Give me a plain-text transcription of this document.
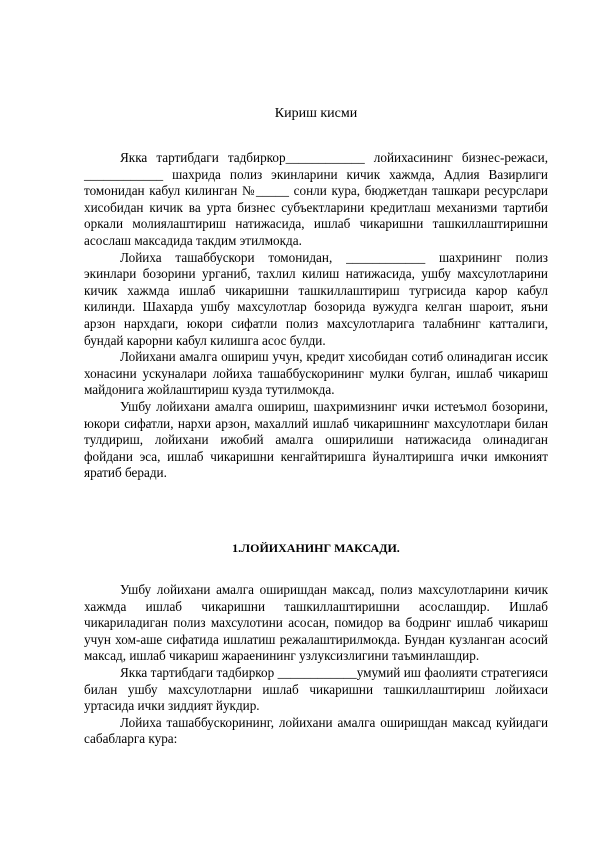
Кириш кисми

Якка тартибдаги тадбиркор____________ лойихасининг бизнес-режаси, ____________ шахрида полиз экинларини кичик хажмда, Адлия Вазирлиги томонидан кабул килинган №_____ сонли кура, бюджетдан ташкари ресурслари хисобидан кичик ва урта бизнес субъектларини кредитлаш механизми тартиби оркали молиялаштириш натижасида, ишлаб чикаришни ташкиллаштиришни асослаш максадида такдим этилмокда.

Лойиха ташаббускори томонидан, ____________ шахрининг полиз экинлари бозорини урганиб, тахлил килиш натижасида, ушбу махсулотларини кичик хажмда ишлаб чикаришни ташкиллаштириш тугрисида карор кабул килинди. Шахарда ушбу махсулотлар бозорида вужудга келган шароит, яъни арзон нархдаги, юкори сифатли полиз махсулотларига талабнинг катталиги, бундай карорни кабул килишга асос булди.

Лойихани амалга ошириш учун, кредит хисобидан сотиб олинадиган иссик хонасини ускуналари лойиха ташаббускорининг мулки булган, ишлаб чикариш майдонига жойлаштириш кузда тутилмокда.

Ушбу лойихани амалга ошириш, шахримизнинг ички истеъмол бозорини, юкори сифатли, нархи арзон, махаллий ишлаб чикаришнинг махсулотлари билан тулдириш, лойихани ижобий амалга оширилиши натижасида олинадиган фойдани эса, ишлаб чикаришни кенгайтиришга йуналтиришга ички имконият яратиб беради.

1.ЛОЙИХАНИНГ МАКСАДИ.

Ушбу лойихани амалга оширишдан максад, полиз махсулотларини кичик хажмда ишлаб чикаришни ташкиллаштиришни асослашдир. Ишлаб чикариладиган полиз махсулотини асосан, помидор ва бодринг ишлаб чикариш учун хом-аше сифатида ишлатиш режалаштирилмокда. Бундан кузланган асосий максад, ишлаб чикариш жараенининг узлуксизлигини таъминлашдир.

Якка тартибдаги тадбиркор ____________умумий иш фаолияти стратегияси билан ушбу махсулотларни ишлаб чикаришни ташкиллаштириш лойихаси уртасида ички зиддият йукдир.

Лойиха ташаббускорининг, лойихани амалга оширишдан максад куйидаги сабабларга кура:
